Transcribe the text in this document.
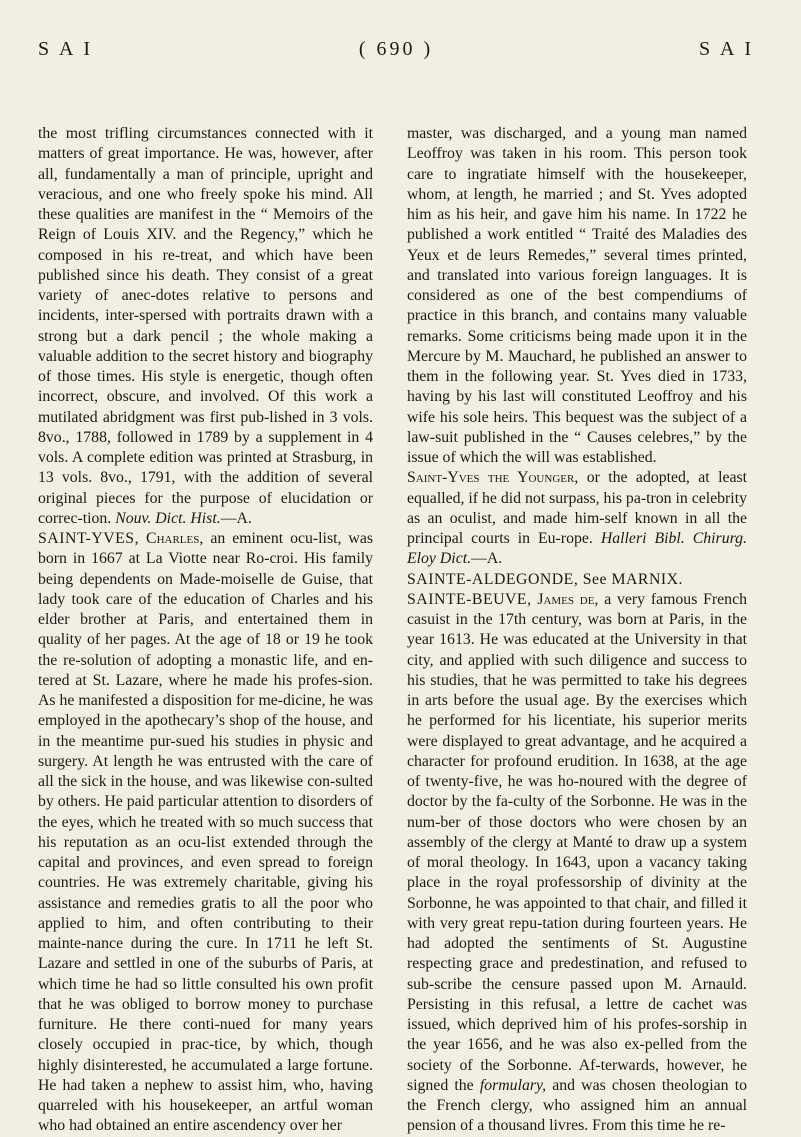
S A I	( 690 )	S A I

the most trifling circumstances connected with it matters of great importance. He was, however, after all, fundamentally a man of principle, upright and veracious, and one who freely spoke his mind. All these qualities are manifest in the “ Memoirs of the Reign of Louis XIV. and the Regency,” which he composed in his re-treat, and which have been published since his death. They consist of a great variety of anec-dotes relative to persons and incidents, inter-spersed with portraits drawn with a strong but a dark pencil ; the whole making a valuable addition to the secret history and biography of those times. His style is energetic, though often incorrect, obscure, and involved. Of this work a mutilated abridgment was first pub-lished in 3 vols. 8vo., 1788, followed in 1789 by a supplement in 4 vols. A complete edition was printed at Strasburg, in 13 vols. 8vo., 1791, with the addition of several original pieces for the purpose of elucidation or correc-tion. Nouv. Dict. Hist.—A.

SAINT-YVES, Charles, an eminent ocu-list, was born in 1667 at La Viotte near Ro-croi. His family being dependents on Made-moiselle de Guise, that lady took care of the education of Charles and his elder brother at Paris, and entertained them in quality of her pages. At the age of 18 or 19 he took the re-solution of adopting a monastic life, and en-tered at St. Lazare, where he made his profes-sion. As he manifested a disposition for me-dicine, he was employed in the apothecary’s shop of the house, and in the meantime pur-sued his studies in physic and surgery. At length he was entrusted with the care of all the sick in the house, and was likewise con-sulted by others. He paid particular attention to disorders of the eyes, which he treated with so much success that his reputation as an ocu-list extended through the capital and provinces, and even spread to foreign countries. He was extremely charitable, giving his assistance and remedies gratis to all the poor who applied to him, and often contributing to their mainte-nance during the cure. In 1711 he left St. Lazare and settled in one of the suburbs of Paris, at which time he had so little consulted his own profit that he was obliged to borrow money to purchase furniture. He there conti-nued for many years closely occupied in prac-tice, by which, though highly disinterested, he accumulated a large fortune. He had taken a nephew to assist him, who, having quarreled with his housekeeper, an artful woman who had obtained an entire ascendency over her

master, was discharged, and a young man named Leoffroy was taken in his room. This person took care to ingratiate himself with the housekeeper, whom, at length, he married ; and St. Yves adopted him as his heir, and gave him his name. In 1722 he published a work entitled “ Traité des Maladies des Yeux et de leurs Remedes,” several times printed, and translated into various foreign languages. It is considered as one of the best compendiums of practice in this branch, and contains many valuable remarks. Some criticisms being made upon it in the Mercure by M. Mauchard, he published an answer to them in the following year. St. Yves died in 1733, having by his last will constituted Leoffroy and his wife his sole heirs. This bequest was the subject of a law-suit published in the “ Causes celebres,” by the issue of which the will was established.

Saint-Yves the Younger, or the adopted, at least equalled, if he did not surpass, his pa-tron in celebrity as an oculist, and made him-self known in all the principal courts in Eu-rope. Halleri Bibl. Chirurg. Eloy Dict.—A.

SAINTE-ALDEGONDE, See MARNIX.

SAINTE-BEUVE, James de, a very famous French casuist in the 17th century, was born at Paris, in the year 1613. He was educated at the University in that city, and applied with such diligence and success to his studies, that he was permitted to take his degrees in arts before the usual age. By the exercises which he performed for his licentiate, his superior merits were displayed to great advantage, and he acquired a character for profound erudition. In 1638, at the age of twenty-five, he was ho-noured with the degree of doctor by the fa-culty of the Sorbonne. He was in the num-ber of those doctors who were chosen by an assembly of the clergy at Manté to draw up a system of moral theology. In 1643, upon a vacancy taking place in the royal professorship of divinity at the Sorbonne, he was appointed to that chair, and filled it with very great repu-tation during fourteen years. He had adopted the sentiments of St. Augustine respecting grace and predestination, and refused to sub-scribe the censure passed upon M. Arnauld. Persisting in this refusal, a lettre de cachet was issued, which deprived him of his profes-sorship in the year 1656, and he was also ex-pelled from the society of the Sorbonne. Af-terwards, however, he signed the formulary, and was chosen theologian to the French clergy, who assigned him an annual pension of a thousand livres. From this time he re-
